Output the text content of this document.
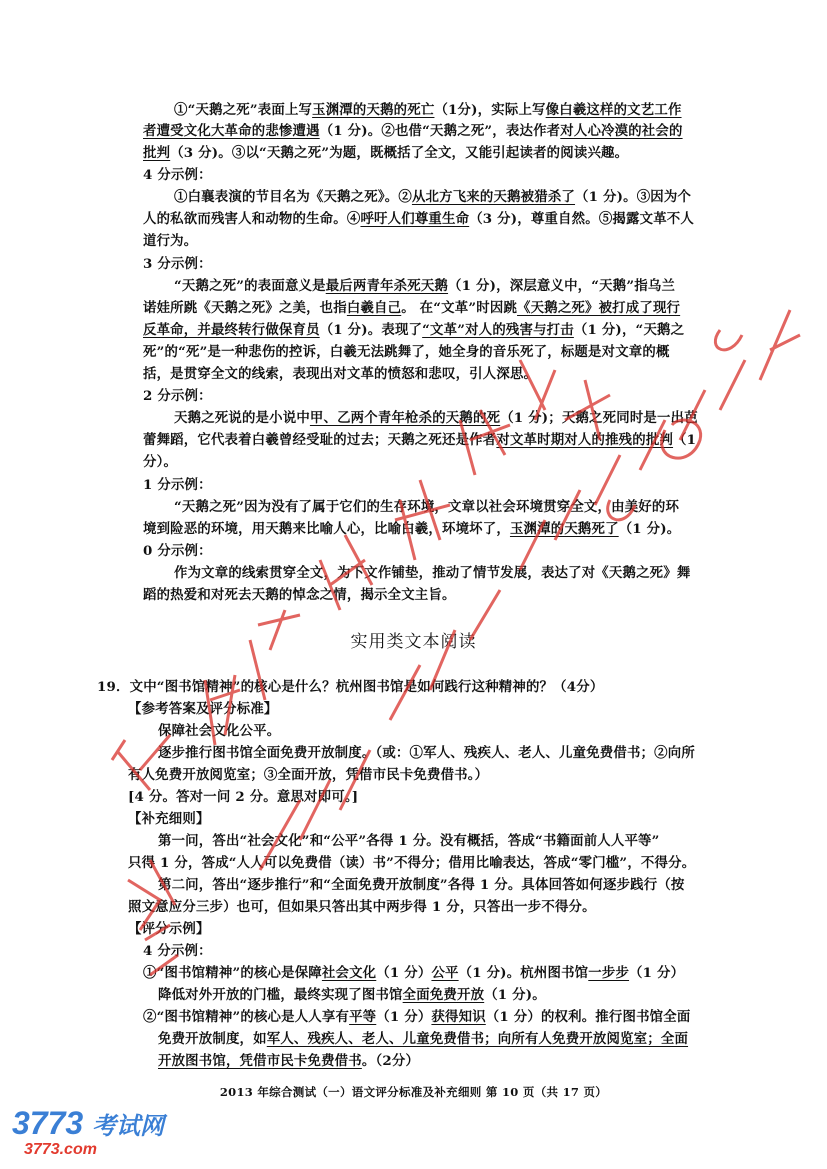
①“天鹅之死”表面上写玉渊潭的天鹅的死亡（1分)，实际上写像白羲这样的文艺工作
者遭受文化大革命的悲惨遭遇（1 分)。②也借“天鹅之死”，表达作者对人心冷漠的社会的
批判（3 分)。③以“天鹅之死”为题，既概括了全文，又能引起读者的阅读兴趣。
4 分示例：
①白襄表演的节目名为《天鹅之死》。②从北方飞来的天鹅被猎杀了（1 分)。③因为个
人的私欲而残害人和动物的生命。④呼吁人们尊重生命（3 分)，尊重自然。⑤揭露文革不人
道行为。
3 分示例：
“天鹅之死”的表面意义是最后两青年杀死天鹅（1 分)，深层意义中，“天鹅”指乌兰
诺娃所跳《天鹅之死》之美，也指白羲自己。 在“文革”时因跳《天鹅之死》被打成了现行
反革命，并最终转行做保育员（1 分)。表现了“文革”对人的残害与打击（1 分)，“天鹅之
死”的“死”是一种悲伤的控诉，白羲无法跳舞了，她全身的音乐死了，标题是对文章的概
括，是贯穿全文的线索，表现出对文革的愤怒和悲叹，引人深思。
2 分示例：
天鹅之死说的是小说中甲、乙两个青年枪杀的天鹅的死（1 分)；天鹅之死同时是一出芭
蕾舞蹈，它代表着白羲曾经受耻的过去；天鹅之死还是作者对文革时期对人的推残的批判（1
分）。
1 分示例：
“天鹅之死”因为没有了属于它们的生存环境，文章以社会环境贯穿全文，由美好的环
境到险恶的环境，用天鹅来比喻人心，比喻白羲，环境坏了，玉渊潭的天鹅死了（1 分)。
0 分示例：
作为文章的线索贯穿全文，为下文作铺垫，推动了情节发展，表达了对《天鹅之死》舞
蹈的热爱和对死去天鹅的悼念之情，揭示全文主旨。
19．文中“图书馆精神”的核心是什么？杭州图书馆是如何践行这种精神的？（4分）
【参考答案及评分标准】
保障社会文化公平。
逐步推行图书馆全面免费开放制度。（或：①军人、残疾人、老人、儿童免费借书；②向所
有人免费开放阅览室；③全面开放，凭借市民卡免费借书。）
[4 分。答对一问 2 分。意思对即可。]
【补充细则】
第一问，答出“社会文化”和“公平”各得 1 分。没有概括，答成“书籍面前人人平等”
只得 1 分，答成“人人可以免费借（读）书”不得分；借用比喻表达，答成“零门槛”，不得分。
第二问，答出“逐步推行”和“全面免费开放制度”各得 1 分。具体回答如何逐步践行（按
照文意应分三步）也可，但如果只答出其中两步得 1 分，只答出一步不得分。
【评分示例】
4 分示例：
①“图书馆精神”的核心是保障社会文化（1 分）公平（1 分)。杭州图书馆一步步（1 分）
降低对外开放的门槛，最终实现了图书馆全面免费开放（1 分)。
②“图书馆精神”的核心是人人享有平等（1 分）获得知识（1 分）的权利。推行图书馆全面
免费开放制度，如军人、残疾人、老人、儿童免费借书；向所有人免费开放阅览室；全面
开放图书馆，凭借市民卡免费借书。（2分）
实用类文本阅读
2013 年综合测试（一）语文评分标准及补充细则 第 10 页（共 17 页）
3773 考试网
3773.com
